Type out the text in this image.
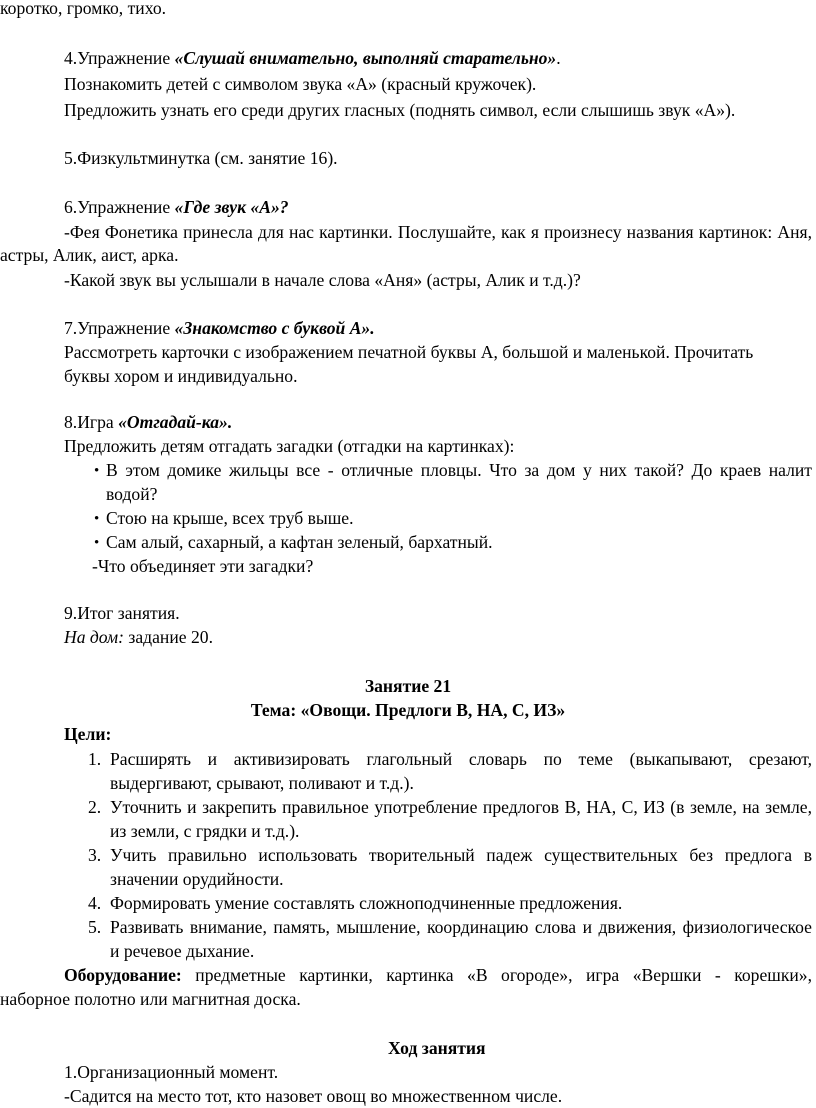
коротко, громко, тихо.
4.Упражнение «Слушай внимательно, выполняй старательно».
Познакомить детей с символом звука «А» (красный кружочек).
Предложить узнать его среди других гласных (поднять символ, если слышишь звук «А»).
5.Физкультминутка (см. занятие 16).
6.Упражнение «Где звук «А»?
-Фея Фонетика принесла для нас картинки. Послушайте, как я произнесу названия картинок: Аня,
астры, Алик, аист, арка.
-Какой звук вы услышали в начале слова «Аня» (астры, Алик и т.д.)?
7.Упражнение «Знакомство с буквой А».
Рассмотреть карточки с изображением печатной буквы А, большой и маленькой. Прочитать
буквы хором и индивидуально.
8.Игра «Отгадай-ка».
Предложить детям отгадать загадки (отгадки на картинках):
• В этом домике жильцы все - отличные пловцы. Что за дом у них такой? До краев налит
водой?
• Стою на крыше, всех труб выше.
• Сам алый, сахарный, а кафтан зеленый, бархатный.
-Что объединяет эти загадки?
9.Итог занятия.
На дом: задание 20.
Занятие 21
Тема: «Овощи. Предлоги В, НА, С, ИЗ»
Цели:
1. Расширять и активизировать глагольный словарь по теме (выкапывают, срезают,
выдергивают, срывают, поливают и т.д.).
2. Уточнить и закрепить правильное употребление предлогов В, НА, С, ИЗ (в земле, на земле,
из земли, с грядки и т.д.).
3. Учить правильно использовать творительный падеж существительных без предлога в
значении орудийности.
4. Формировать умение составлять сложноподчиненные предложения.
5. Развивать внимание, память, мышление, координацию слова и движения, физиологическое
и речевое дыхание.
Оборудование: предметные картинки, картинка «В огороде», игра «Вершки - корешки»,
наборное полотно или магнитная доска.
Ход занятия
1.Организационный момент.
-Садится на место тот, кто назовет овощ во множественном числе.
